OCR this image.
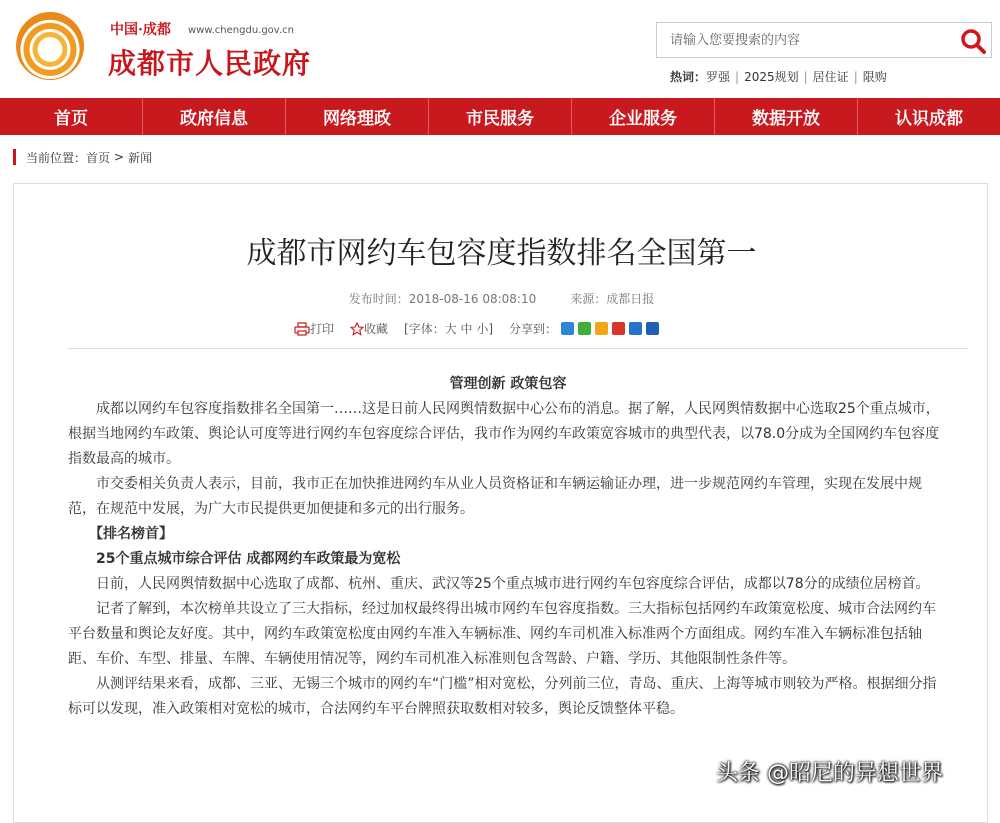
中国·成都 www.chengdu.gov.cn
成都市人民政府
请输入您要搜索的内容	热词：罗强 | 2025规划 | 居住证 | 限购
首页	政府信息	网络理政	市民服务	企业服务	数据开放	认识成都
当前位置： 首页 > 新闻
成都市网约车包容度指数排名全国第一
发布时间：2018-08-16 08:08:10	来源：成都日报
打印	收藏 [字体：大 中 小] 分享到：

管理创新 政策包容

成都以网约车包容度指数排名全国第一……这是日前人民网舆情数据中心公布的消息。据了解，人民网舆情数据中心选取25个重点城市，根据当地网约车政策、舆论认可度等进行网约车包容度综合评估，我市作为网约车政策宽容城市的典型代表，以78.0分成为全国网约车包容度指数最高的城市。

市交委相关负责人表示，目前，我市正在加快推进网约车从业人员资格证和车辆运输证办理，进一步规范网约车管理，实现在发展中规范，在规范中发展，为广大市民提供更加便捷和多元的出行服务。

【排名榜首】

25个重点城市综合评估 成都网约车政策最为宽松

日前，人民网舆情数据中心选取了成都、杭州、重庆、武汉等25个重点城市进行网约车包容度综合评估，成都以78分的成绩位居榜首。

记者了解到，本次榜单共设立了三大指标，经过加权最终得出城市网约车包容度指数。三大指标包括网约车政策宽松度、城市合法网约车平台数量和舆论友好度。其中，网约车政策宽松度由网约车准入车辆标准、网约车司机准入标准两个方面组成。网约车准入车辆标准包括轴距、车价、车型、排量、车牌、车辆使用情况等，网约车司机准入标准则包含驾龄、户籍、学历、其他限制性条件等。

从测评结果来看，成都、三亚、无锡三个城市的网约车“门槛”相对宽松，分列前三位，青岛、重庆、上海等城市则较为严格。根据细分指标可以发现，准入政策相对宽松的城市，合法网约车平台牌照获取数相对较多，舆论反馈整体平稳。

头条 @昭尼的异想世界
